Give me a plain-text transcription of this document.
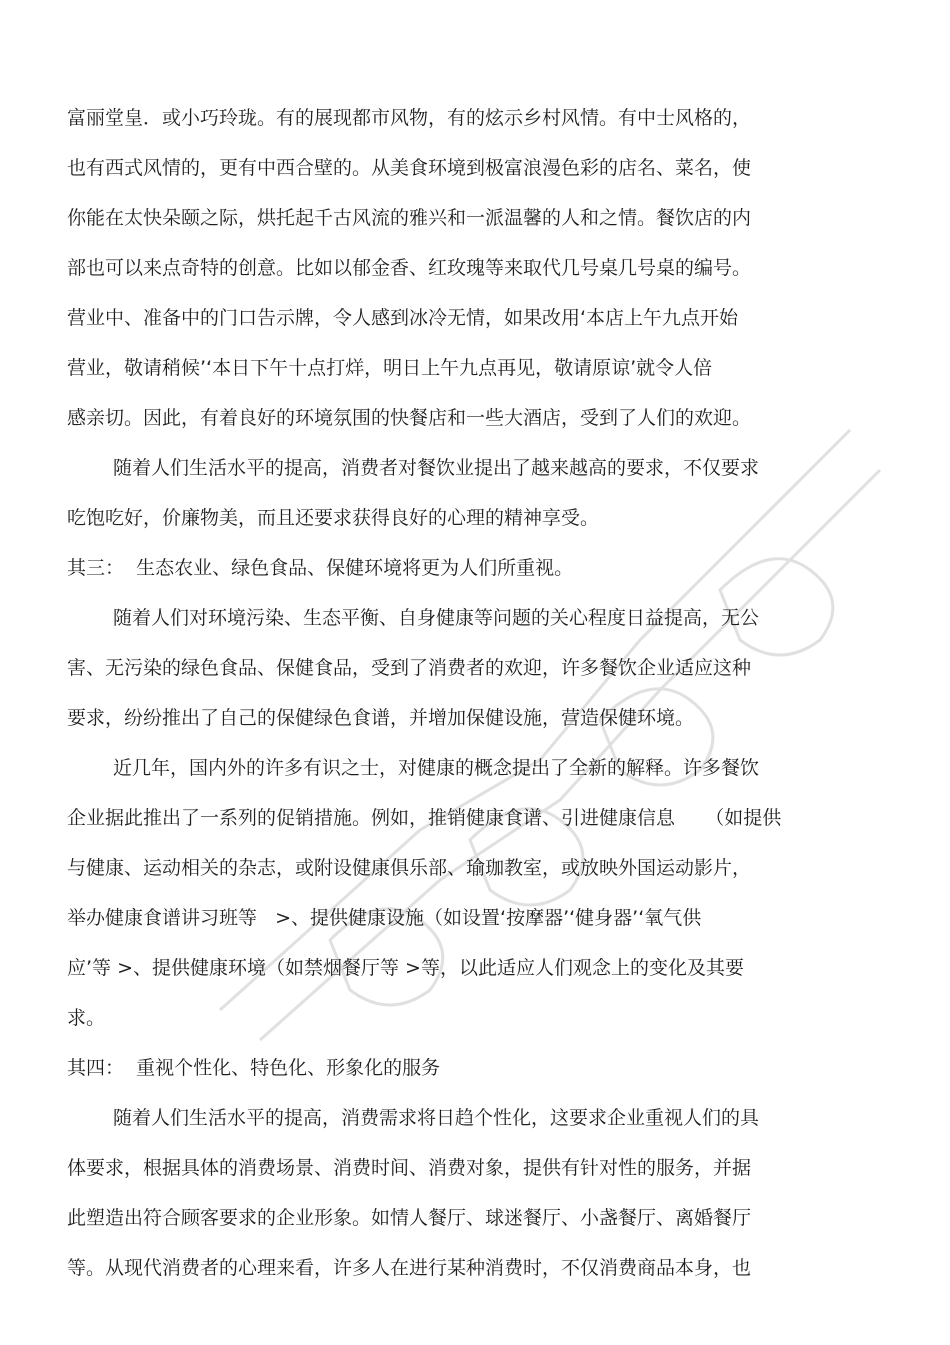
富丽堂皇．或小巧玲珑。有的展现都市风物，有的炫示乡村风情。有中士风格的，

也有西式风情的，更有中西合壁的。从美食环境到极富浪漫色彩的店名、菜名，使

你能在太快朵颐之际，烘托起千古风流的雅兴和一派温馨的人和之情。餐饮店的内

部也可以来点奇特的创意。比如以郁金香、红玫瑰等来取代几号桌几号桌的编号。

营业中、准备中的门口告示牌，令人感到冰冷无情，如果改用‘本店上午九点开始

营业，敬请稍候’‘本日下午十点打烊，明日上午九点再见，敬请原谅’就令人倍

感亲切。因此，有着良好的环境氛围的快餐店和一些大酒店，受到了人们的欢迎。

随着人们生活水平的提高，消费者对餐饮业提出了越来越高的要求，不仅要求

吃饱吃好，价廉物美，而且还要求获得良好的心理的精神享受。

其三：  生态农业、绿色食品、保健环境将更为人们所重视。

随着人们对环境污染、生态平衡、自身健康等问题的关心程度日益提高，无公

害、无污染的绿色食品、保健食品，受到了消费者的欢迎，许多餐饮企业适应这种

要求，纷纷推出了自己的保健绿色食谱，并增加保健设施，营造保健环境。

近几年，国内外的许多有识之士，对健康的概念提出了全新的解释。许多餐饮

企业据此推出了一系列的促销措施。例如，推销健康食谱、引进健康信息     （如提供

与健康、运动相关的杂志，或附设健康俱乐部、瑜珈教室，或放映外国运动影片，

举办健康食谱讲习班等   >、提供健康设施（如设置‘按摩器’‘健身器’‘氧气供

应’等 >、提供健康环境（如禁烟餐厅等 >等，以此适应人们观念上的变化及其要

求。

其四：  重视个性化、特色化、形象化的服务

随着人们生活水平的提高，消费需求将日趋个性化，这要求企业重视人们的具

体要求，根据具体的消费场景、消费时间、消费对象，提供有针对性的服务，并据

此塑造出符合顾客要求的企业形象。如情人餐厅、球迷餐厅、小盏餐厅、离婚餐厅

等。从现代消费者的心理来看，许多人在进行某种消费时，不仅消费商品本身，也
